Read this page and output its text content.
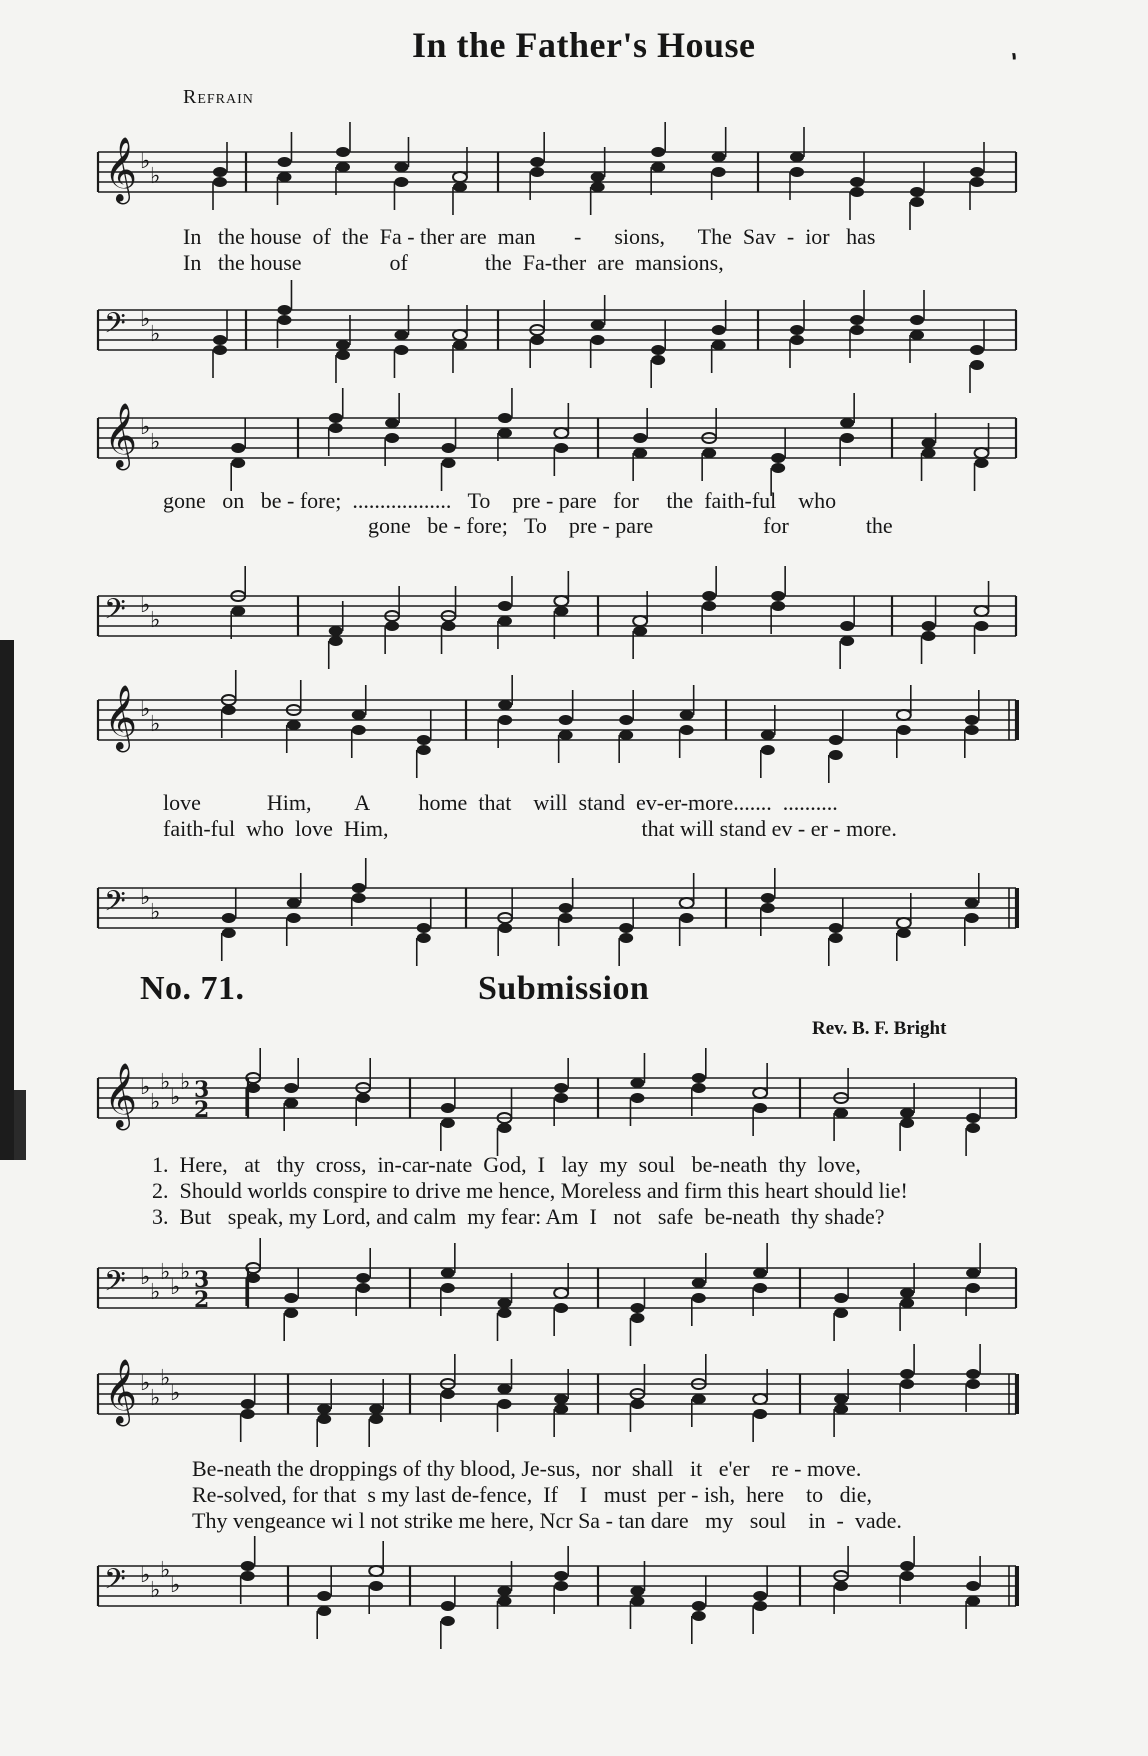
In the Father's House
Refrain
𝄞 ♭
♭
In   the house  of  the  Fa - ther are  man       -      sions,      The  Sav  -  ior   has
In   the house                of              the  Fa-ther  are  mansions,
𝄢 ♭
♭
𝄞 ♭
♭
gone   on   be - fore;  ..................   To    pre - pare   for     the  faith-ful    who
gone   be - fore;   To    pre - pare                    for              the
𝄢 ♭
♭
𝄞 ♭
♭
love            Him,        A         home  that    will  stand  ev-er-more.......  ..........
faith-ful  who  love  Him,                                              that will stand ev - er - more.
𝄢 ♭
♭
No. 71.	Submission
Rev. B. F. Bright
𝄞 ♭
♭
♭
♭
♭ 3
2
1.  Here,   at   thy  cross,  in-car-nate  God,  I   lay  my  soul   be-neath  thy  love,
2.  Should worlds conspire to drive me hence, Moreless and firm this heart should lie!
3.  But   speak, my Lord, and calm  my fear: Am  I   not   safe  be-neath  thy shade?
𝄢 ♭
♭
♭
♭
♭ 3
2
𝄞 ♭
♭
♭
♭
Be-neath the droppings of thy blood, Je-sus,  nor  shall   it   e'er    re - move.
Re-solved, for that  s my last de-fence,  If    I   must  per - ish,  here    to   die,
Thy vengeance wi l not strike me here, Ncr Sa - tan dare   my   soul    in  -  vade.
𝄢 ♭
♭
♭
♭
